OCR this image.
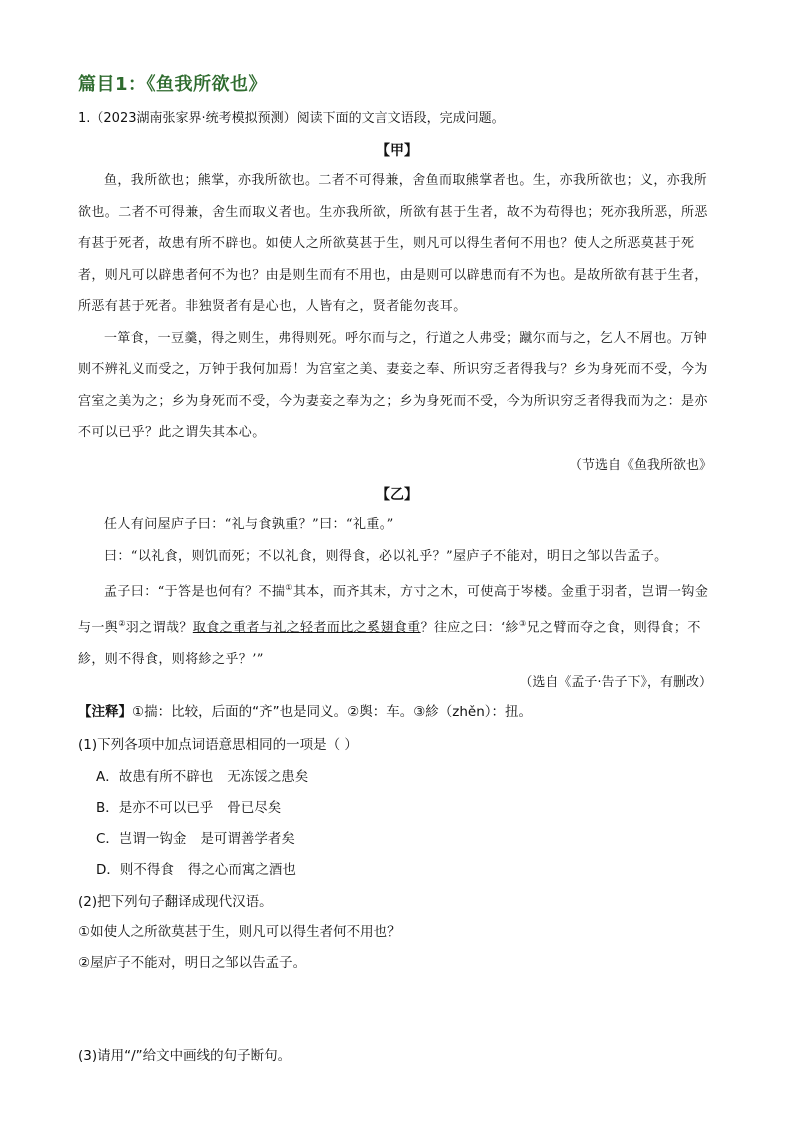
篇目1：《鱼我所欲也》
1.（2023湖南张家界·统考模拟预测）阅读下面的文言文语段，完成问题。
【甲】

鱼，我所欲也；熊掌，亦我所欲也。二者不可得兼，舍鱼而取熊掌者也。生，亦我所欲也；义，亦我所欲也。二者不可得兼，舍生而取义者也。生亦我所欲，所欲有甚于生者，故不为苟得也；死亦我所恶，所恶有甚于死者，故患有所不辟也。如使人之所欲莫甚于生，则凡可以得生者何不用也？使人之所恶莫甚于死者，则凡可以辟患者何不为也？由是则生而有不用也，由是则可以辟患而有不为也。是故所欲有甚于生者，所恶有甚于死者。非独贤者有是心也，人皆有之，贤者能勿丧耳。

一箪食，一豆羹，得之则生，弗得则死。呼尔而与之，行道之人弗受；蹴尔而与之，乞人不屑也。万钟则不辨礼义而受之，万钟于我何加焉！为宫室之美、妻妾之奉、所识穷乏者得我与？乡为身死而不受，今为宫室之美为之；乡为身死而不受，今为妻妾之奉为之；乡为身死而不受，今为所识穷乏者得我而为之：是亦不可以已乎？此之谓失其本心。

（节选自《鱼我所欲也》
【乙】

任人有问屋庐子曰：“礼与食孰重？”曰：“礼重。”

曰：“以礼食，则饥而死；不以礼食，则得食，必以礼乎？”屋庐子不能对，明日之邹以告孟子。

孟子曰：“于答是也何有？不揣①其本，而齐其末，方寸之木，可使高于岑楼。金重于羽者，岂谓一钩金与一舆②羽之谓哉？取食之重者与礼之轻者而比之奚翅食重？往应之曰：‘紾③兄之臂而夺之食，则得食；不紾，则不得食，则将紾之乎？’”

（选自《孟子·告子下》，有删改）
【注释】①揣：比较，后面的“齐”也是同义。②舆：车。③紾（zhěn）：扭。
(1)下列各项中加点词语意思相同的一项是（ ）
A．故患有所不辟也 无冻馁之患矣
B．是亦不可以已乎 骨已尽矣
C．岂谓一钩金 是可谓善学者矣
D．则不得食 得之心而寓之酒也
(2)把下列句子翻译成现代汉语。
①如使人之所欲莫甚于生，则凡可以得生者何不用也？
②屋庐子不能对，明日之邹以告孟子。
(3)请用“/”给文中画线的句子断句。
